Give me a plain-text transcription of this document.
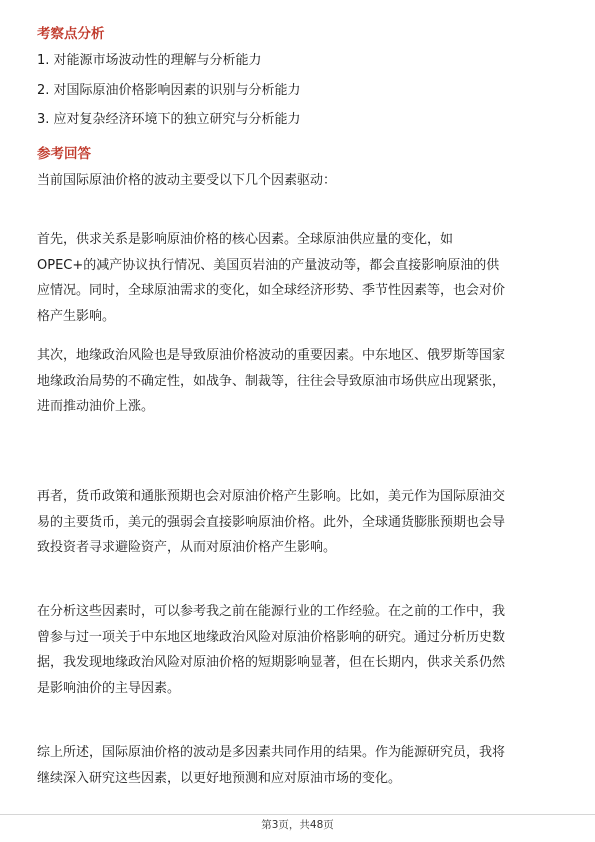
考察点分析
1. 对能源市场波动性的理解与分析能力
2. 对国际原油价格影响因素的识别与分析能力
3. 应对复杂经济环境下的独立研究与分析能力
参考回答
当前国际原油价格的波动主要受以下几个因素驱动：
首先，供求关系是影响原油价格的核心因素。全球原油供应量的变化，如
OPEC+的减产协议执行情况、美国页岩油的产量波动等，都会直接影响原油的供
应情况。同时，全球原油需求的变化，如全球经济形势、季节性因素等，也会对价
格产生影响。
其次，地缘政治风险也是导致原油价格波动的重要因素。中东地区、俄罗斯等国家
地缘政治局势的不确定性，如战争、制裁等，往往会导致原油市场供应出现紧张，
进而推动油价上涨。
再者，货币政策和通胀预期也会对原油价格产生影响。比如，美元作为国际原油交
易的主要货币，美元的强弱会直接影响原油价格。此外，全球通货膨胀预期也会导
致投资者寻求避险资产，从而对原油价格产生影响。
在分析这些因素时，可以参考我之前在能源行业的工作经验。在之前的工作中，我
曾参与过一项关于中东地区地缘政治风险对原油价格影响的研究。通过分析历史数
据，我发现地缘政治风险对原油价格的短期影响显著，但在长期内，供求关系仍然
是影响油价的主导因素。
综上所述，国际原油价格的波动是多因素共同作用的结果。作为能源研究员，我将
继续深入研究这些因素，以更好地预测和应对原油市场的变化。
第3页，共48页
